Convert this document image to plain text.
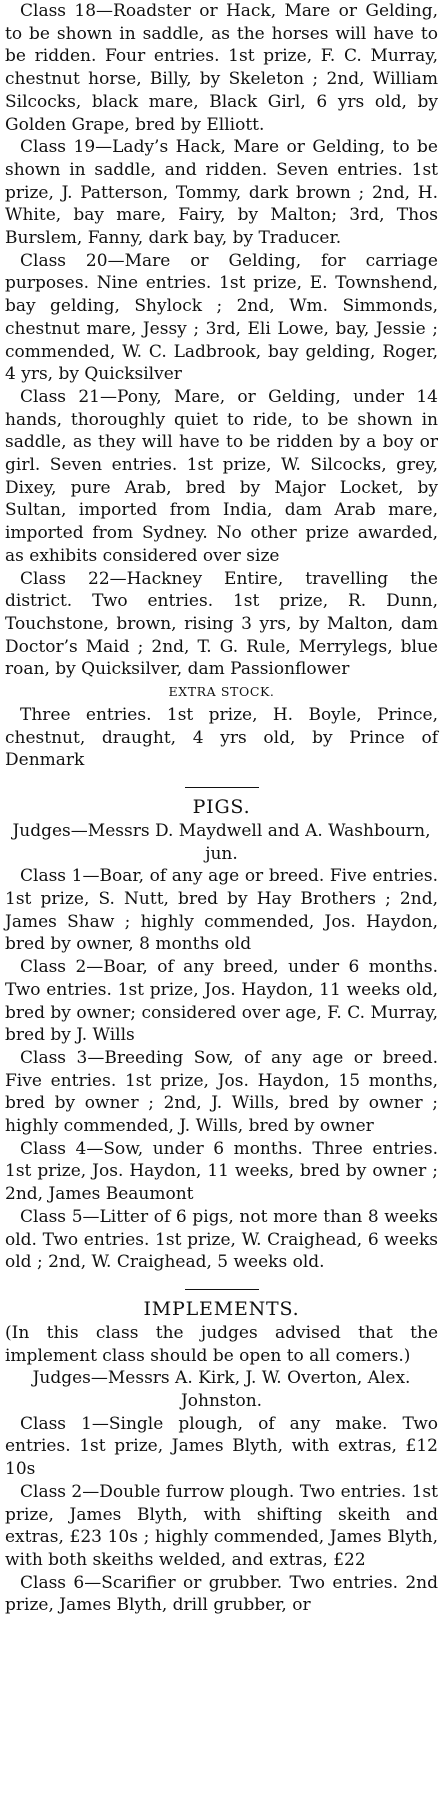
Class 18—Roadster or Hack, Mare or Gelding, to be shown in saddle, as the horses will have to be ridden. Four entries. 1st prize, F. C. Murray, chestnut horse, Billy, by Skeleton ; 2nd, William Silcocks, black mare, Black Girl, 6 yrs old, by Golden Grape, bred by Elliott.

Class 19—Lady’s Hack, Mare or Gelding, to be shown in saddle, and ridden. Seven entries. 1st prize, J. Patterson, Tommy, dark brown ; 2nd, H. White, bay mare, Fairy, by Malton; 3rd, Thos Burslem, Fanny, dark bay, by Traducer.

Class 20—Mare or Gelding, for carriage purposes. Nine entries. 1st prize, E. Townshend, bay gelding, Shylock ; 2nd, Wm. Simmonds, chestnut mare, Jessy ; 3rd, Eli Lowe, bay, Jessie ; commended, W. C. Ladbrook, bay gelding, Roger, 4 yrs, by Quicksilver

Class 21—Pony, Mare, or Gelding, under 14 hands, thoroughly quiet to ride, to be shown in saddle, as they will have to be ridden by a boy or girl. Seven entries. 1st prize, W. Silcocks, grey, Dixey, pure Arab, bred by Major Locket, by Sultan, imported from India, dam Arab mare, imported from Sydney. No other prize awarded, as exhibits considered over size

Class 22—Hackney Entire, travelling the district. Two entries. 1st prize, R. Dunn, Touchstone, brown, rising 3 yrs, by Malton, dam Doctor’s Maid ; 2nd, T. G. Rule, Merrylegs, blue roan, by Quicksilver, dam Passionflower

EXTRA STOCK.

Three entries. 1st prize, H. Boyle, Prince, chestnut, draught, 4 yrs old, by Prince of Denmark

PIGS.

Judges—Messrs D. Maydwell and A. Washbourn, jun.

Class 1—Boar, of any age or breed. Five entries. 1st prize, S. Nutt, bred by Hay Brothers ; 2nd, James Shaw ; highly commended, Jos. Haydon, bred by owner, 8 months old

Class 2—Boar, of any breed, under 6 months. Two entries. 1st prize, Jos. Haydon, 11 weeks old, bred by owner; considered over age, F. C. Murray, bred by J. Wills

Class 3—Breeding Sow, of any age or breed. Five entries. 1st prize, Jos. Haydon, 15 months, bred by owner ; 2nd, J. Wills, bred by owner ; highly commended, J. Wills, bred by owner

Class 4—Sow, under 6 months. Three entries. 1st prize, Jos. Haydon, 11 weeks, bred by owner ; 2nd, James Beaumont

Class 5—Litter of 6 pigs, not more than 8 weeks old. Two entries. 1st prize, W. Craighead, 6 weeks old ; 2nd, W. Craighead, 5 weeks old.

IMPLEMENTS.

(In this class the judges advised that the implement class should be open to all comers.)

Judges—Messrs A. Kirk, J. W. Overton, Alex. Johnston.

Class 1—Single plough, of any make. Two entries. 1st prize, James Blyth, with extras, £12 10s

Class 2—Double furrow plough. Two entries. 1st prize, James Blyth, with shifting skeith and extras, £23 10s ; highly commended, James Blyth, with both skeiths welded, and extras, £22

Class 6—Scarifier or grubber. Two entries. 2nd prize, James Blyth, drill grubber, or
